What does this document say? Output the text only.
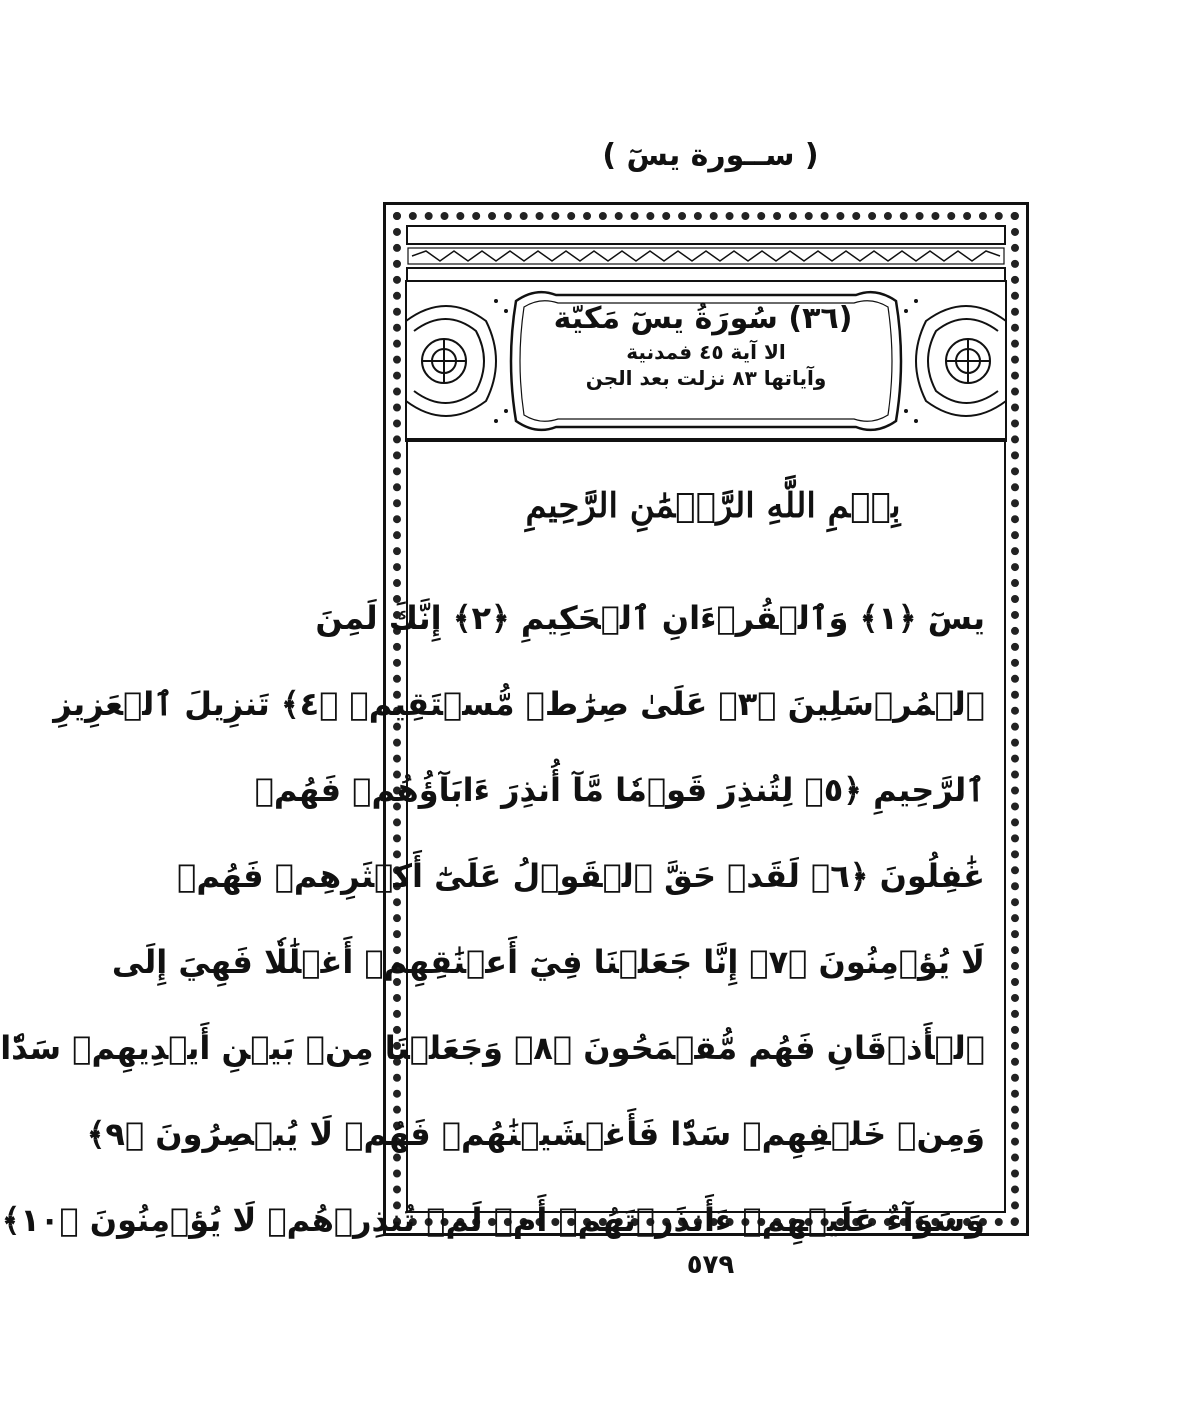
( ســورة يسٓ )
(٣٦) سُورَةُ يسٓ مَكيّة
الا آية ٤٥ فمدنية
وآياتها ٨٣ نزلت بعد الجن
بِسۡمِ اللَّهِ الرَّحۡمَٰنِ الرَّحِيمِ
يسٓ ﴿١﴾ وَٱلۡقُرۡءَانِ ٱلۡحَكِيمِ ﴿٢﴾ إِنَّكَ لَمِنَ
ٱلۡمُرۡسَلِينَ ﴿٣﴾ عَلَىٰ صِرَٰطٖ مُّسۡتَقِيمٖ ﴿٤﴾ تَنزِيلَ ٱلۡعَزِيزِ
ٱلرَّحِيمِ ﴿٥﴾ لِتُنذِرَ قَوۡمٗا مَّآ أُنذِرَ ءَابَآؤُهُمۡ فَهُمۡ
غَٰفِلُونَ ﴿٦﴾ لَقَدۡ حَقَّ ٱلۡقَوۡلُ عَلَىٰٓ أَكۡثَرِهِمۡ فَهُمۡ
لَا يُؤۡمِنُونَ ﴿٧﴾ إِنَّا جَعَلۡنَا فِيٓ أَعۡنَٰقِهِمۡ أَغۡلَٰلٗا فَهِيَ إِلَى
ٱلۡأَذۡقَانِ فَهُم مُّقۡمَحُونَ ﴿٨﴾ وَجَعَلۡنَا مِنۢ بَيۡنِ أَيۡدِيهِمۡ سَدّٗا
وَمِنۡ خَلۡفِهِمۡ سَدّٗا فَأَغۡشَيۡنَٰهُمۡ فَهُمۡ لَا يُبۡصِرُونَ ﴿٩﴾
وَسَوَآءٌ عَلَيۡهِمۡ ءَأَنذَرۡتَهُمۡ أَمۡ لَمۡ تُنذِرۡهُمۡ لَا يُؤۡمِنُونَ ﴿١٠﴾
٥٧٩
